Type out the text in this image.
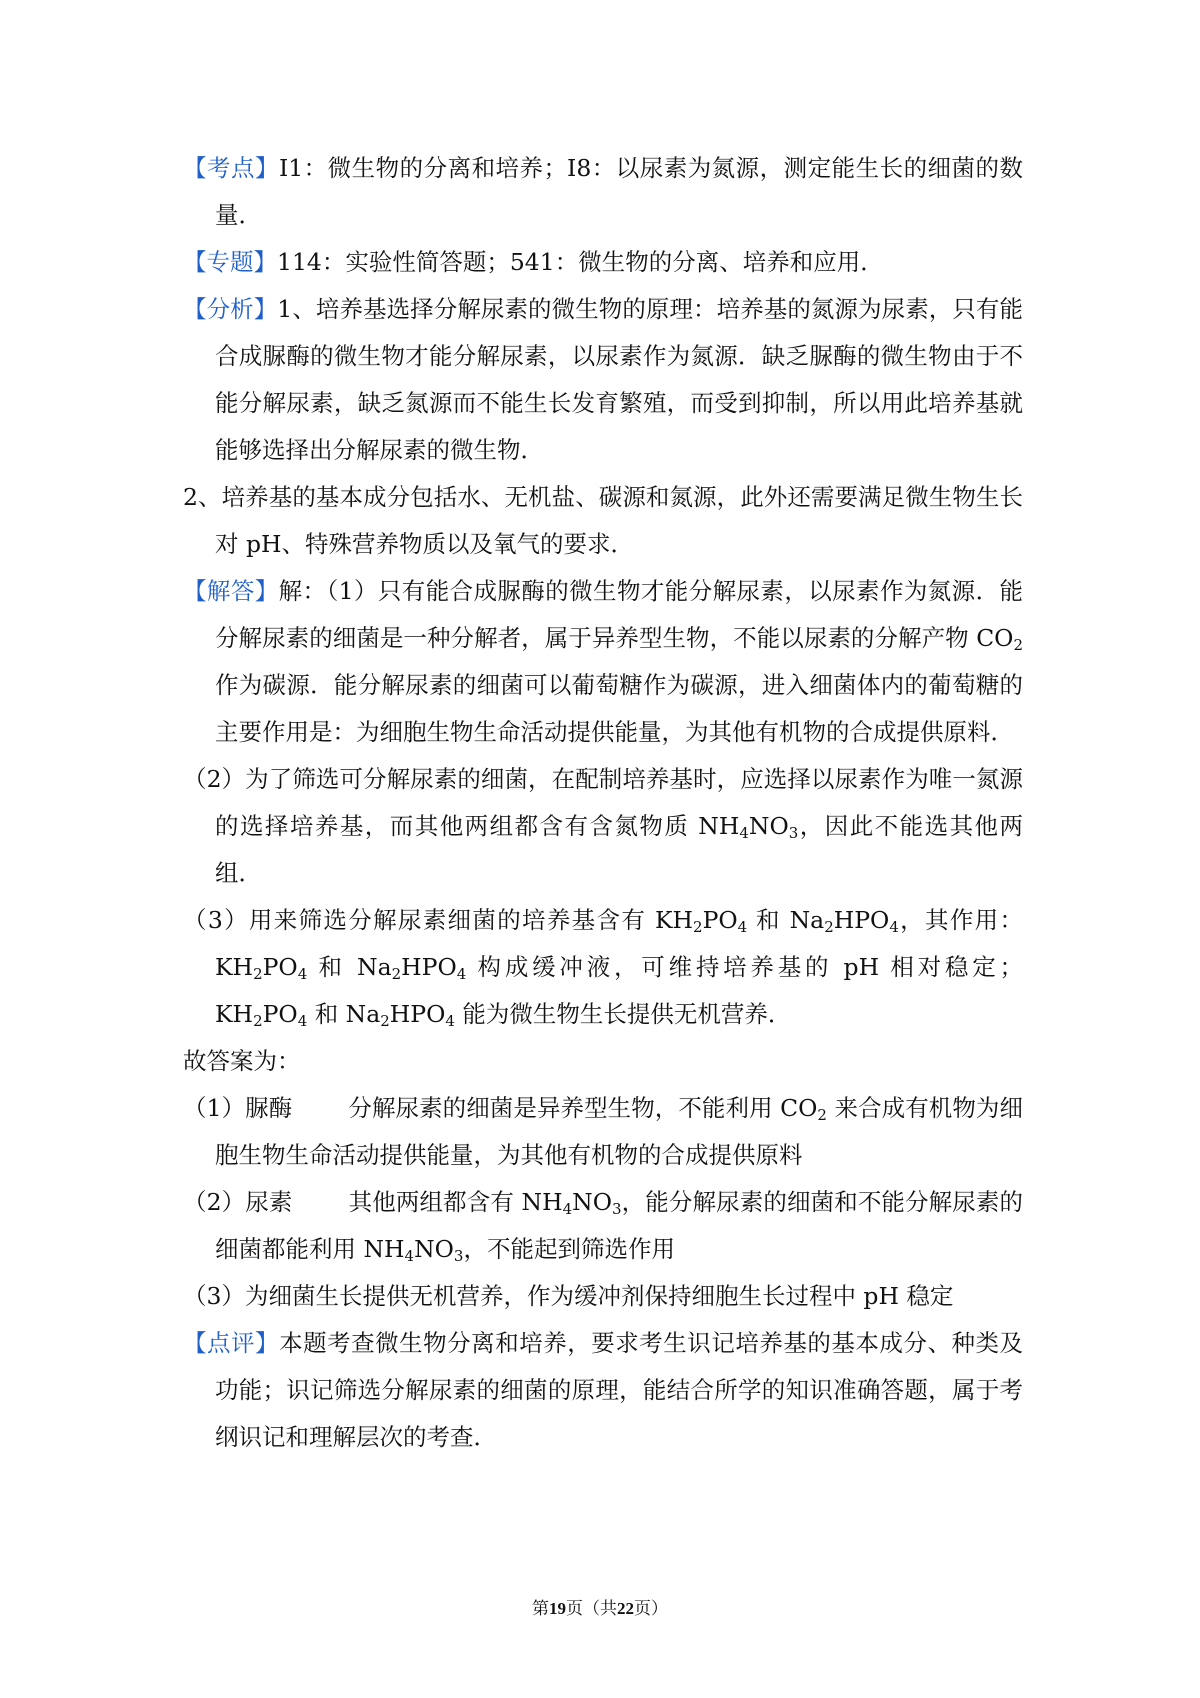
【考点】I1：微生物的分离和培养；I8：以尿素为氮源，测定能生长的细菌的数量．

【专题】114：实验性简答题；541：微生物的分离、培养和应用．

【分析】1、培养基选择分解尿素的微生物的原理：培养基的氮源为尿素，只有能合成脲酶的微生物才能分解尿素，以尿素作为氮源．缺乏脲酶的微生物由于不能分解尿素，缺乏氮源而不能生长发育繁殖，而受到抑制，所以用此培养基就能够选择出分解尿素的微生物．

2、培养基的基本成分包括水、无机盐、碳源和氮源，此外还需要满足微生物生长对 pH、特殊营养物质以及氧气的要求．

【解答】解：（1）只有能合成脲酶的微生物才能分解尿素，以尿素作为氮源．能分解尿素的细菌是一种分解者，属于异养型生物，不能以尿素的分解产物 $CO_2$作为碳源．能分解尿素的细菌可以葡萄糖作为碳源，进入细菌体内的葡萄糖的主要作用是：为细胞生物生命活动提供能量，为其他有机物的合成提供原料．

（2）为了筛选可分解尿素的细菌，在配制培养基时，应选择以尿素作为唯一氮源的选择培养基，而其他两组都含有含氮物质 $NH_4NO_3$，因此不能选其他两组．

（3）用来筛选分解尿素细菌的培养基含有 $KH_2PO_4$ 和 $Na_2HPO_4$，其作用：$KH_2PO_4$ 和 $Na_2HPO_4$ 构成缓冲液，可维持培养基的 pH 相对稳定；$KH_2PO_4$ 和 $Na_2HPO_4$ 能为微生物生长提供无机营养．

故答案为：

（1）脲酶 分解尿素的细菌是异养型生物，不能利用 $CO_2$ 来合成有机物为细胞生物生命活动提供能量，为其他有机物的合成提供原料

（2）尿素 其他两组都含有 $NH_4NO_3$，能分解尿素的细菌和不能分解尿素的细菌都能利用 $NH_4NO_3$，不能起到筛选作用

（3）为细菌生长提供无机营养，作为缓冲剂保持细胞生长过程中 pH 稳定

【点评】本题考查微生物分离和培养，要求考生识记培养基的基本成分、种类及功能；识记筛选分解尿素的细菌的原理，能结合所学的知识准确答题，属于考纲识记和理解层次的考查．

第19页（共22页）
